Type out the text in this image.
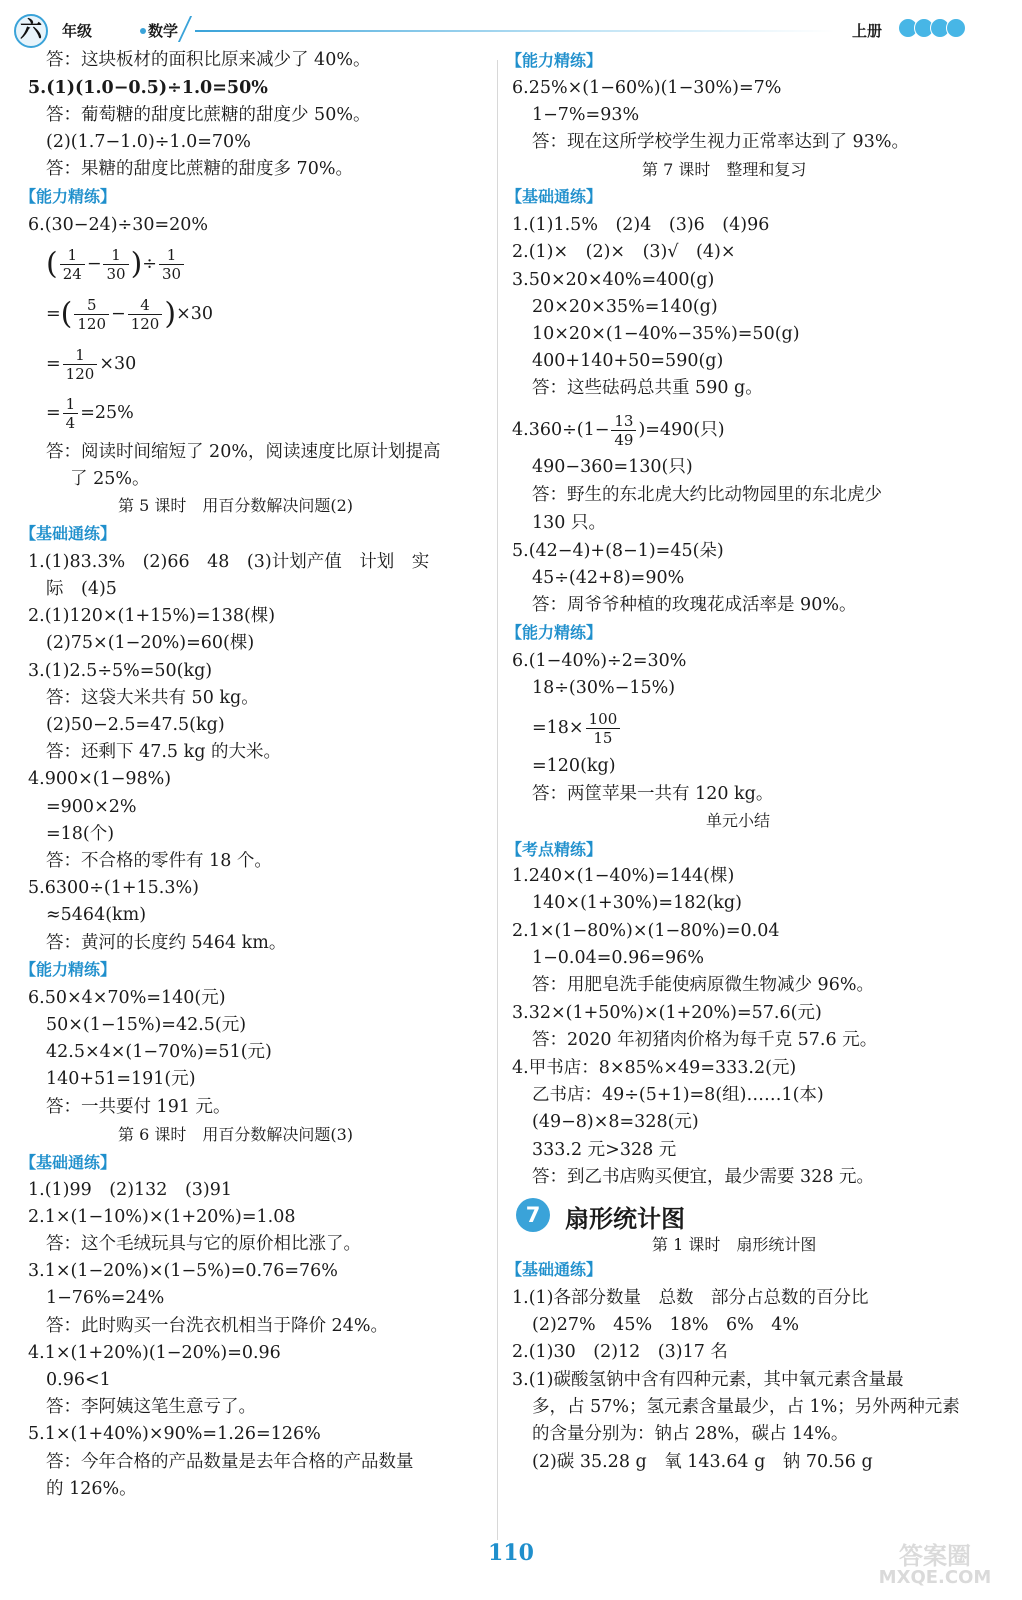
六	年级	数学	上册
答：这块板材的面积比原来减少了 40%。
5.(1)(1.0−0.5)÷1.0=50%
答：葡萄糖的甜度比蔗糖的甜度少 50%。
(2)(1.7−1.0)÷1.0=70%
答：果糖的甜度比蔗糖的甜度多 70%。
【能力精练】
6.(30−24)÷30=20%
( $\frac{1}{24} - \frac{1}{30}$ )÷ $\frac{1}{30}$
=( $\frac{5}{120} - \frac{4}{120} )\times 30$
= $\frac{1}{120} \times 30$
= $\frac{1}{4} =25\%$
答：阅读时间缩短了 20%，阅读速度比原计划提高
了 25%。
第 5 课时　用百分数解决问题(2)
【基础通练】
1.(1)83.3%　(2)66　48　(3)计划产值　计划　实
际　(4)5
2.(1)120×(1+15%)=138(棵)
(2)75×(1−20%)=60(棵)
3.(1)2.5÷5%=50(kg)
答：这袋大米共有 50 kg。
(2)50−2.5=47.5(kg)
答：还剩下 47.5 kg 的大米。
4.900×(1−98%)
=900×2%
=18(个)
答：不合格的零件有 18 个。
5.6300÷(1+15.3%)
≈5464(km)
答：黄河的长度约 5464 km。
【能力精练】
6.50×4×70%=140(元)
50×(1−15%)=42.5(元)
42.5×4×(1−70%)=51(元)
140+51=191(元)
答：一共要付 191 元。
第 6 课时　用百分数解决问题(3)
【基础通练】
1.(1)99　(2)132　(3)91
2.1×(1−10%)×(1+20%)=1.08
答：这个毛绒玩具与它的原价相比涨了。
3.1×(1−20%)×(1−5%)=0.76=76%
1−76%=24%
答：此时购买一台洗衣机相当于降价 24%。
4.1×(1+20%)(1−20%)=0.96
0.96<1
答：李阿姨这笔生意亏了。
5.1×(1+40%)×90%=1.26=126%
答：今年合格的产品数量是去年合格的产品数量
的 126%。
【能力精练】
6.25%×(1−60%)(1−30%)=7%
1−7%=93%
答：现在这所学校学生视力正常率达到了 93%。
第 7 课时　整理和复习
【基础通练】
1.(1)1.5%　(2)4　(3)6　(4)96
2.(1)×　(2)×　(3)√　(4)×
3.50×20×40%=400(g)
20×20×35%=140(g)
10×20×(1−40%−35%)=50(g)
400+140+50=590(g)
答：这些砝码总共重 590 g。
$4.360\div(1- \frac{13}{49} )=490$(只)
490−360=130(只)
答：野生的东北虎大约比动物园里的东北虎少
130 只。
5.(42−4)+(8−1)=45(朵)
45÷(42+8)=90%
答：周爷爷种植的玫瑰花成活率是 90%。
【能力精练】
6.(1−40%)÷2=30%
18÷(30%−15%)
$=18\times \frac{100}{15}$
=120(kg)
答：两筐苹果一共有 120 kg。
单元小结
【考点精练】
1.240×(1−40%)=144(棵)
140×(1+30%)=182(kg)
2.1×(1−80%)×(1−80%)=0.04
1−0.04=0.96=96%
答：用肥皂洗手能使病原微生物减少 96%。
3.32×(1+50%)×(1+20%)=57.6(元)
答：2020 年初猪肉价格为每千克 57.6 元。
4.甲书店：8×85%×49=333.2(元)
乙书店：49÷(5+1)=8(组)……1(本)
(49−8)×8=328(元)
333.2 元>328 元
答：到乙书店购买便宜，最少需要 328 元。
7	扇形统计图
第 1 课时　扇形统计图
【基础通练】
1.(1)各部分数量　总数　部分占总数的百分比
(2)27%　45%　18%　6%　4%
2.(1)30　(2)12　(3)17 名
3.(1)碳酸氢钠中含有四种元素，其中氧元素含量最
多，占 57%；氢元素含量最少，占 1%；另外两种元素
的含量分别为：钠占 28%，碳占 14%。
(2)碳 35.28 g　氧 143.64 g　钠 70.56 g
110	答案圈
MXQE.COM
